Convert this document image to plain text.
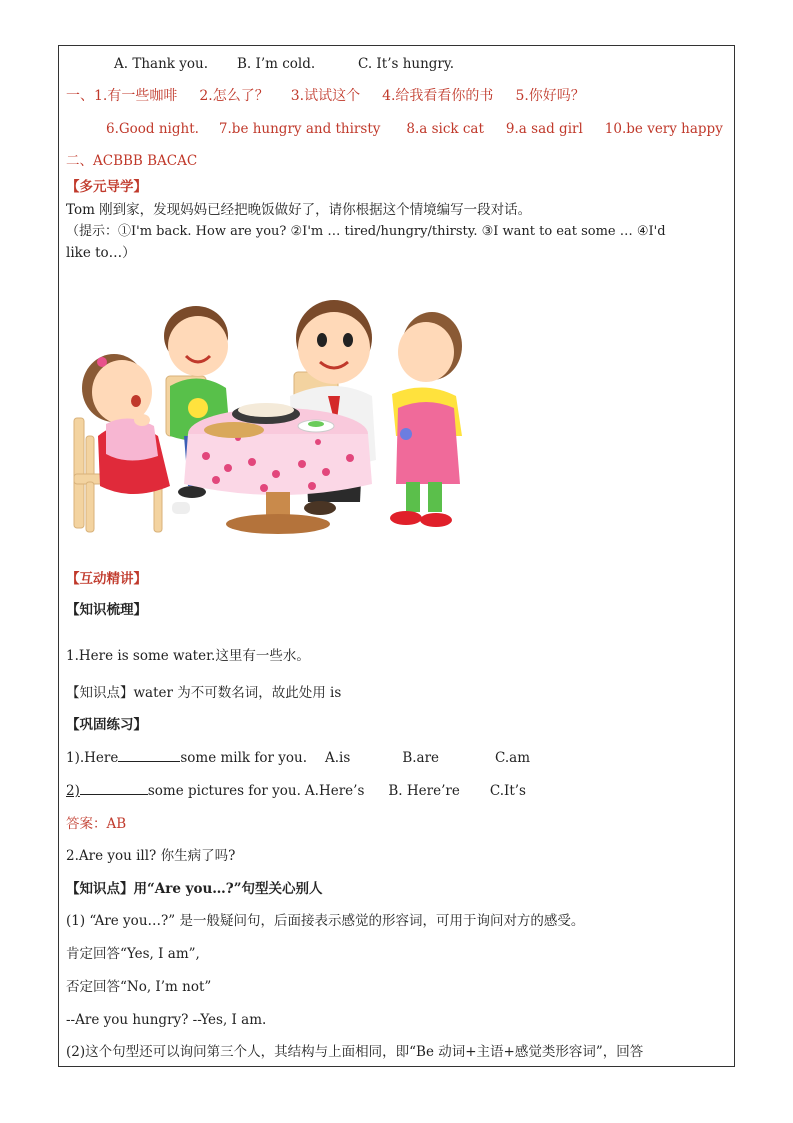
A. Thank you. B. I’m cold.	C. It’s hungry.
一、1.有一些咖啡 2.怎么了？ 3.试试这个 4.给我看看你的书 5.你好吗？
6.Good night. 7.be hungry and thirsty 8.a sick cat 9.a sad girl 10.be very happy
二、ACBBB BACAC
【多元导学】
Tom 刚到家，发现妈妈已经把晚饭做好了，请你根据这个情境编写一段对话。
（提示：①I'm back. How are you? ②I'm … tired/hungry/thirsty. ③I want to eat some … ④I'd
like to…）
【互动精讲】
【知识梳理】
1.Here is some water.这里有一些水。
【知识点】water 为不可数名词，故此处用 is
【巩固练习】
1).Here	some milk for you. A.is	B.are	C.am
2)	some pictures for you. A.Here’s B. Here’re C.It’s
答案：AB
2.Are you ill? 你生病了吗?
【知识点】用“Are you…?”句型关心别人
(1) “Are you…?” 是一般疑问句，后面接表示感觉的形容词，可用于询问对方的感受。
肯定回答“Yes, I am”,
否定回答“No, I’m not”
--Are you hungry? --Yes, I am.
(2)这个句型还可以询问第三个人，其结构与上面相同，即“Be 动词+主语+感觉类形容词”，回答
